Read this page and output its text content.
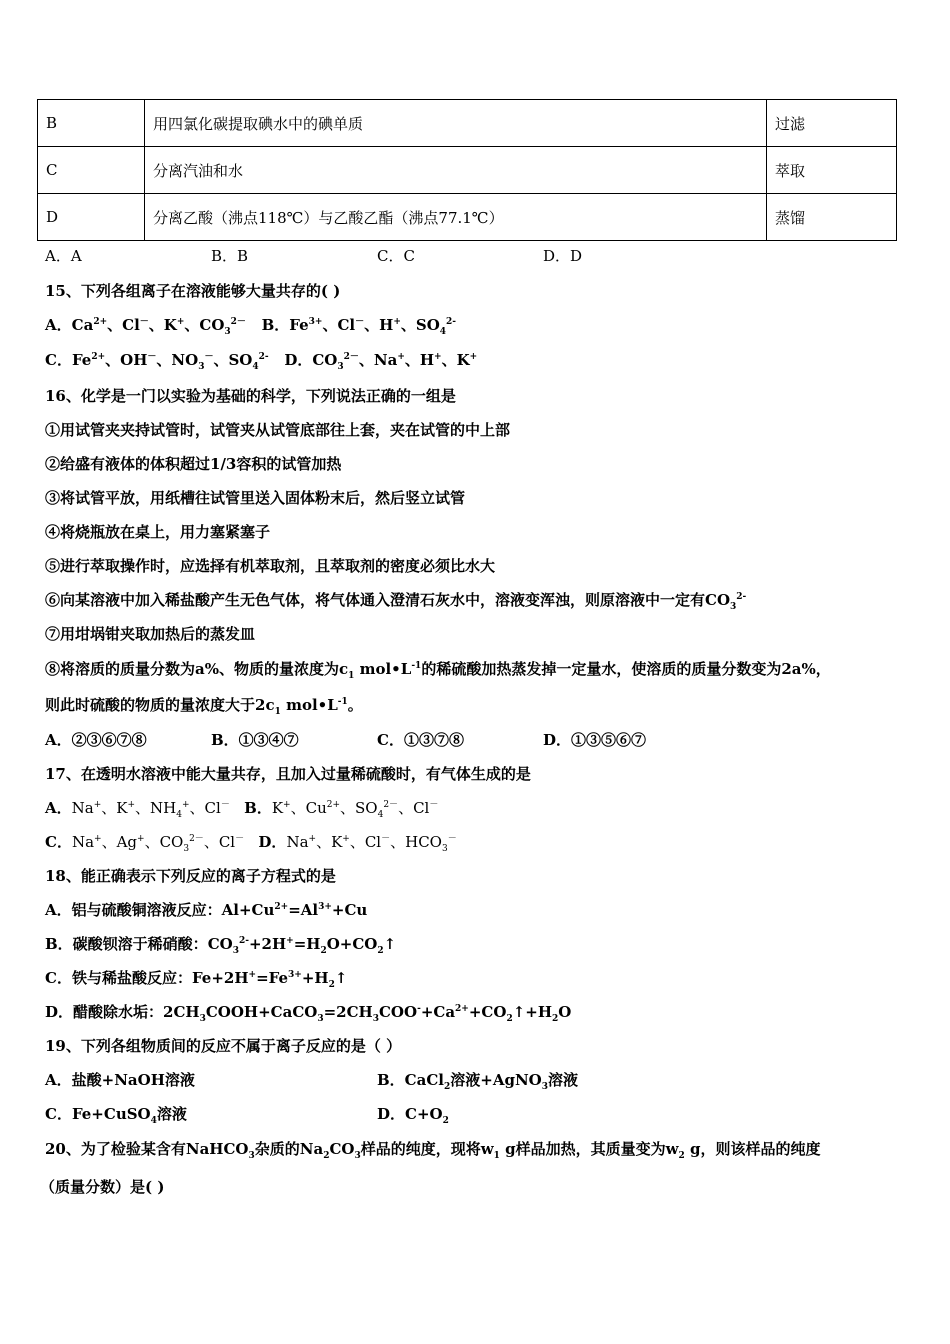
B	用四氯化碳提取碘水中的碘单质	过滤
C	分离汽油和水	萃取
D	分离乙酸（沸点118℃）与乙酸乙酯（沸点77.1℃）	蒸馏
A．A	B．B	C．C	D．D
15、下列各组离子在溶液能够大量共存的( )
A．$Ca^{2+}$、Cl－、K+、$CO_3^{2-}$ B．$Fe^{3+}$、Cl－、H+、$SO_4^{2-}$
C．$Fe^{2+}$、OH－、$NO_3^-$、$SO_4^{2-}$ D．$CO_3^{2-}$、Na+、H+、K+
16、化学是一门以实验为基础的科学，下列说法正确的一组是
①用试管夹夹持试管时，试管夹从试管底部往上套，夹在试管的中上部
②给盛有液体的体积超过1/3容积的试管加热
③将试管平放，用纸槽往试管里送入固体粉末后，然后竖立试管
④将烧瓶放在桌上，用力塞紧塞子
⑤进行萃取操作时，应选择有机萃取剂，且萃取剂的密度必须比水大
⑥向某溶液中加入稀盐酸产生无色气体，将气体通入澄清石灰水中，溶液变浑浊，则原溶液中一定有$CO_3^{2-}$
⑦用坩埚钳夹取加热后的蒸发皿
⑧将溶质的质量分数为a%、物质的量浓度为$c_1$ $mol•L^{-1}$的稀硫酸加热蒸发掉一定量水，使溶质的质量分数变为2a%，
则此时硫酸的物质的量浓度大于$2c_1$ $mol•L^{-1}$。
A．②③⑥⑦⑧	B．①③④⑦	C．①③⑦⑧	D．①③⑤⑥⑦
17、在透明水溶液中能大量共存，且加入过量稀硫酸时，有气体生成的是
A．Na+、K+、$NH_4^+$、Cl－ B．K+、$Cu^{2+}$、$SO_4^{2-}$、Cl－
C．Na+、Ag+、$CO_3^{2-}$、Cl－ D．Na+、K+、Cl－、$HCO_3^-$
18、能正确表示下列反应的离子方程式的是
A．铝与硫酸铜溶液反应：$Al+Cu^{2+}=Al^{3+}+Cu$
B．碳酸钡溶于稀硝酸：$CO_3^{2-}+2H^+=H_2O+CO_2↑$
C．铁与稀盐酸反应：$Fe+2H^+=Fe^{3+}+H_2↑$
D．醋酸除水垢：$2CH_3COOH+CaCO_3=2CH_3COO^-+Ca^{2+}+CO_2↑+H_2O$
19、下列各组物质间的反应不属于离子反应的是（ ）
A．盐酸+NaOH溶液	B．CaCl$_2$溶液+AgNO$_3$溶液
C．Fe+CuSO$_4$溶液	D．$C+O_2$
20、为了检验某含有NaHCO$_3$杂质的$Na_2CO_3$样品的纯度，现将$w_1$ g样品加热，其质量变为$w_2$ g，则该样品的纯度
（质量分数）是( )
